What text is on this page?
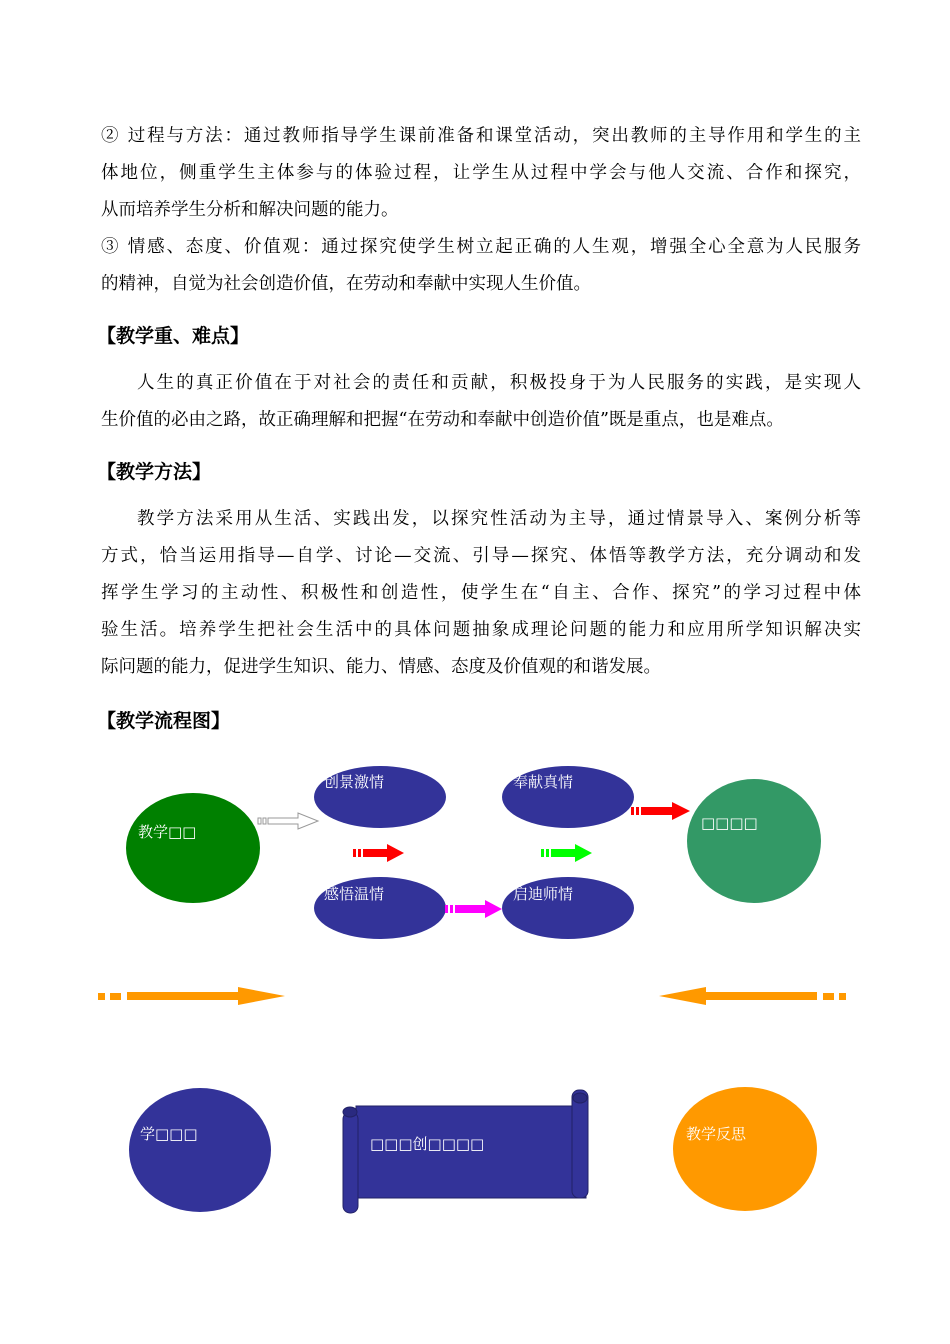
② 过程与方法：通过教师指导学生课前准备和课堂活动，突出教师的主导作用和学生的主
体地位，侧重学生主体参与的体验过程，让学生从过程中学会与他人交流、合作和探究，
从而培养学生分析和解决问题的能力。
③ 情感、态度、价值观：通过探究使学生树立起正确的人生观，增强全心全意为人民服务
的精神，自觉为社会创造价值，在劳动和奉献中实现人生价值。
【教学重、难点】
人生的真正价值在于对社会的责任和贡献，积极投身于为人民服务的实践，是实现人
生价值的必由之路，故正确理解和把握“在劳动和奉献中创造价值”既是重点，也是难点。
【教学方法】
教学方法采用从生活、实践出发，以探究性活动为主导，通过情景导入、案例分析等
方式，恰当运用指导—自学、讨论—交流、引导—探究、体悟等教学方法，充分调动和发
挥学生学习的主动性、积极性和创造性，使学生在“自主、合作、探究”的学习过程中体
验生活。培养学生把社会生活中的具体问题抽象成理论问题的能力和应用所学知识解决实
际问题的能力，促进学生知识、能力、情感、态度及价值观的和谐发展。
【教学流程图】
教学□□
创景激情	奉献真情
感悟温情	启迪师情
□□□□
学□□□
□□□创□□□□
教学反思
